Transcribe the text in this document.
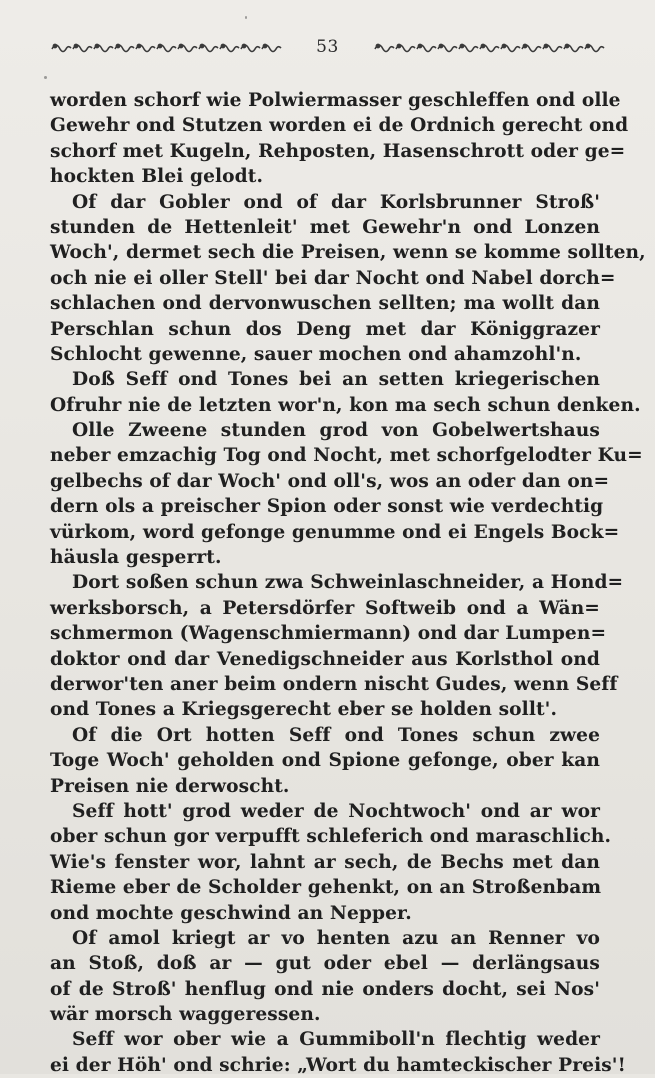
53
worden schorf wie Polwiermasser geschleffen ond olle
Gewehr ond Stutzen worden ei de Ordnich gerecht ond
schorf met Kugeln, Rehposten, Hasenschrott oder ge=
hockten Blei gelodt.
Of dar Gobler ond of dar Korlsbrunner Stroß'
stunden de Hettenleit' met Gewehr'n ond Lonzen
Woch', dermet sech die Preisen, wenn se komme sollten,
och nie ei oller Stell' bei dar Nocht ond Nabel dorch=
schlachen ond dervonwuschen sellten; ma wollt dan
Perschlan schun dos Deng met dar Königgrazer
Schlocht gewenne, sauer mochen ond ahamzohl'n.
Doß Seff ond Tones bei an setten kriegerischen
Ofruhr nie de letzten wor'n, kon ma sech schun denken.
Olle Zweene stunden grod von Gobelwertshaus
neber emzachig Tog ond Nocht, met schorfgelodter Ku=
gelbechs of dar Woch' ond oll's, wos an oder dan on=
dern ols a preischer Spion oder sonst wie verdechtig
vürkom, word gefonge genumme ond ei Engels Bock=
häusla gesperrt.
Dort soßen schun zwa Schweinlaschneider, a Hond=
werksborsch, a Petersdörfer Softweib ond a Wän=
schmermon (Wagenschmiermann) ond dar Lumpen=
doktor ond dar Venedigschneider aus Korlsthol ond
derwor'ten aner beim ondern nischt Gudes, wenn Seff
ond Tones a Kriegsgerecht eber se holden sollt'.
Of die Ort hotten Seff ond Tones schun zwee
Toge Woch' geholden ond Spione gefonge, ober kan
Preisen nie derwoscht.
Seff hott' grod weder de Nochtwoch' ond ar wor
ober schun gor verpufft schleferich ond maraschlich.
Wie's fenster wor, lahnt ar sech, de Bechs met dan
Rieme eber de Scholder gehenkt, on an Stroßenbam
ond mochte geschwind an Nepper.
Of amol kriegt ar vo henten azu an Renner vo
an Stoß, doß ar — gut oder ebel — derlängsaus
of de Stroß' henflug ond nie onders docht, sei Nos'
wär morsch waggeressen.
Seff wor ober wie a Gummiboll'n flechtig weder
ei der Höh' ond schrie: „Wort du hamteckischer Preis'!
